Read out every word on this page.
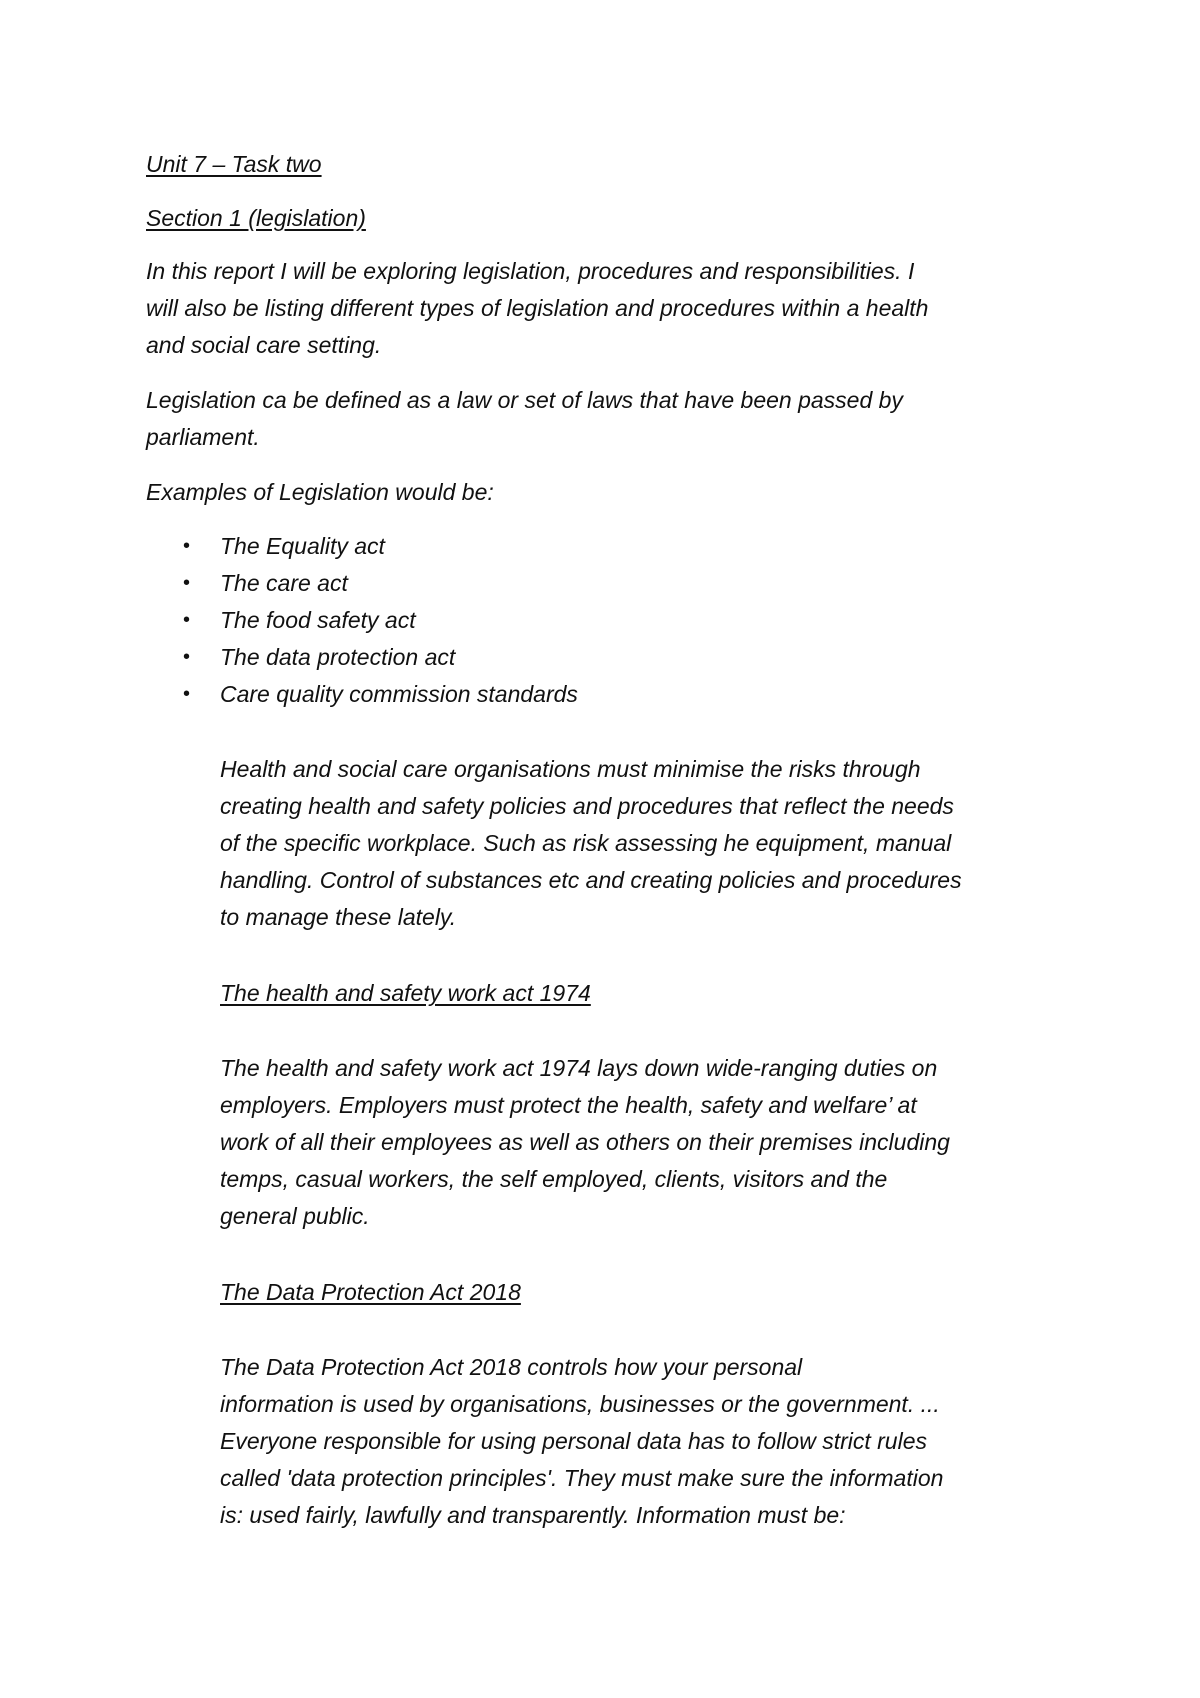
Unit 7 – Task two

Section 1 (legislation)

In this report I will be exploring legislation, procedures and responsibilities. I

will also be listing different types of legislation and procedures within a health

and social care setting.

Legislation ca be defined as a law or set of laws that have been passed by

parliament.

Examples of Legislation would be:

• The Equality act

• The care act

• The food safety act

• The data protection act

• Care quality commission standards

Health and social care organisations must minimise the risks through

creating health and safety policies and procedures that reflect the needs

of the specific workplace. Such as risk assessing he equipment, manual

handling. Control of substances etc and creating policies and procedures

to manage these lately.

The health and safety work act 1974

The health and safety work act 1974 lays down wide-ranging duties on

employers. Employers must protect the health, safety and welfare’ at

work of all their employees as well as others on their premises including

temps, casual workers, the self employed, clients, visitors and the

general public.

The Data Protection Act 2018

The Data Protection Act 2018 controls how your personal

information is used by organisations, businesses or the government. ...

Everyone responsible for using personal data has to follow strict rules

called 'data protection principles'. They must make sure the information

is: used fairly, lawfully and transparently. Information must be:
